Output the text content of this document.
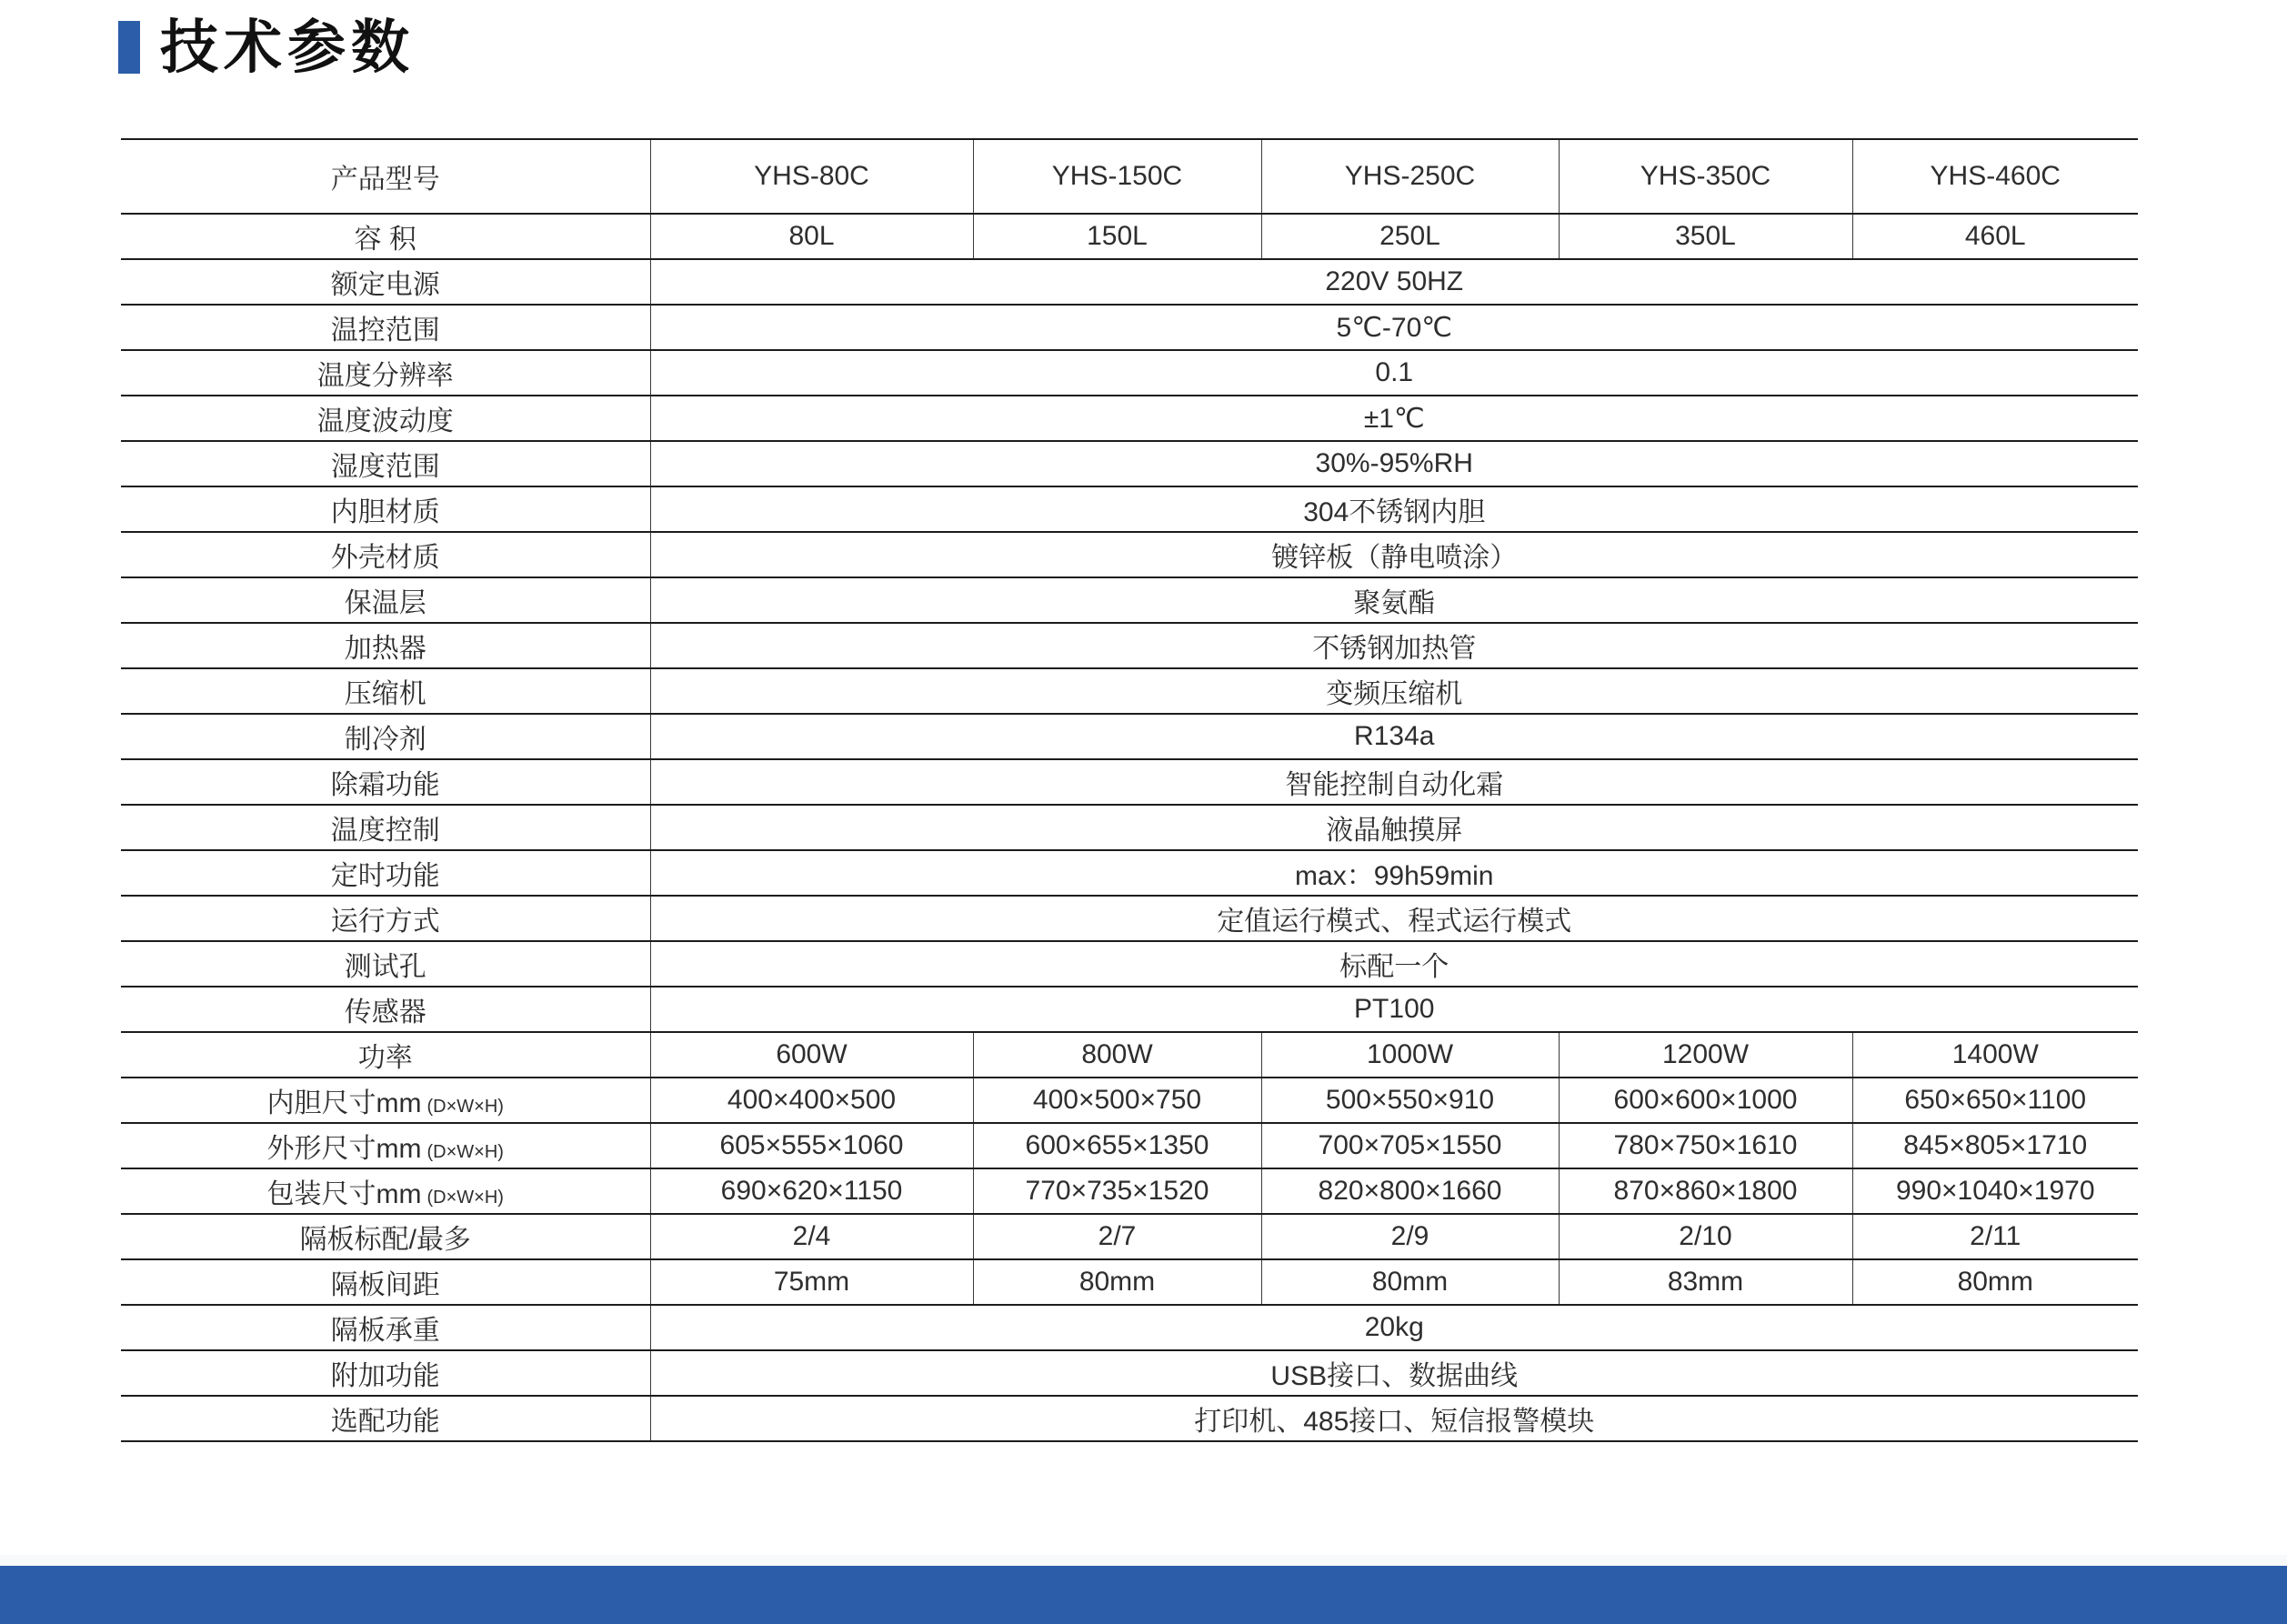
技术参数
产品型号	YHS-80C	YHS-150C	YHS-250C	YHS-350C	YHS-460C
容 积	80L	150L	250L	350L	460L
额定电源	220V 50HZ				
温控范围	5℃-70℃				
温度分辨率	0.1				
温度波动度	±1℃				
湿度范围	30%-95%RH				
内胆材质	304不锈钢内胆				
外壳材质	镀锌板（静电喷涂）				
保温层	聚氨酯				
加热器	不锈钢加热管				
压缩机	变频压缩机				
制冷剂	R134a				
除霜功能	智能控制自动化霜				
温度控制	液晶触摸屏				
定时功能	max：99h59min				
运行方式	定值运行模式、程式运行模式				
测试孔	标配一个				
传感器	PT100				
功率	600W	800W	1000W	1200W	1400W
内胆尺寸mm (D×W×H)	400×400×500	400×500×750	500×550×910	600×600×1000	650×650×1100
外形尺寸mm (D×W×H)	605×555×1060	600×655×1350	700×705×1550	780×750×1610	845×805×1710
包装尺寸mm (D×W×H)	690×620×1150	770×735×1520	820×800×1660	870×860×1800	990×1040×1970
隔板标配/最多	2/4	2/7	2/9	2/10	2/11
隔板间距	75mm	80mm	80mm	83mm	80mm
隔板承重	20kg				
附加功能	USB接口、数据曲线				
选配功能	打印机、485接口、短信报警模块				
